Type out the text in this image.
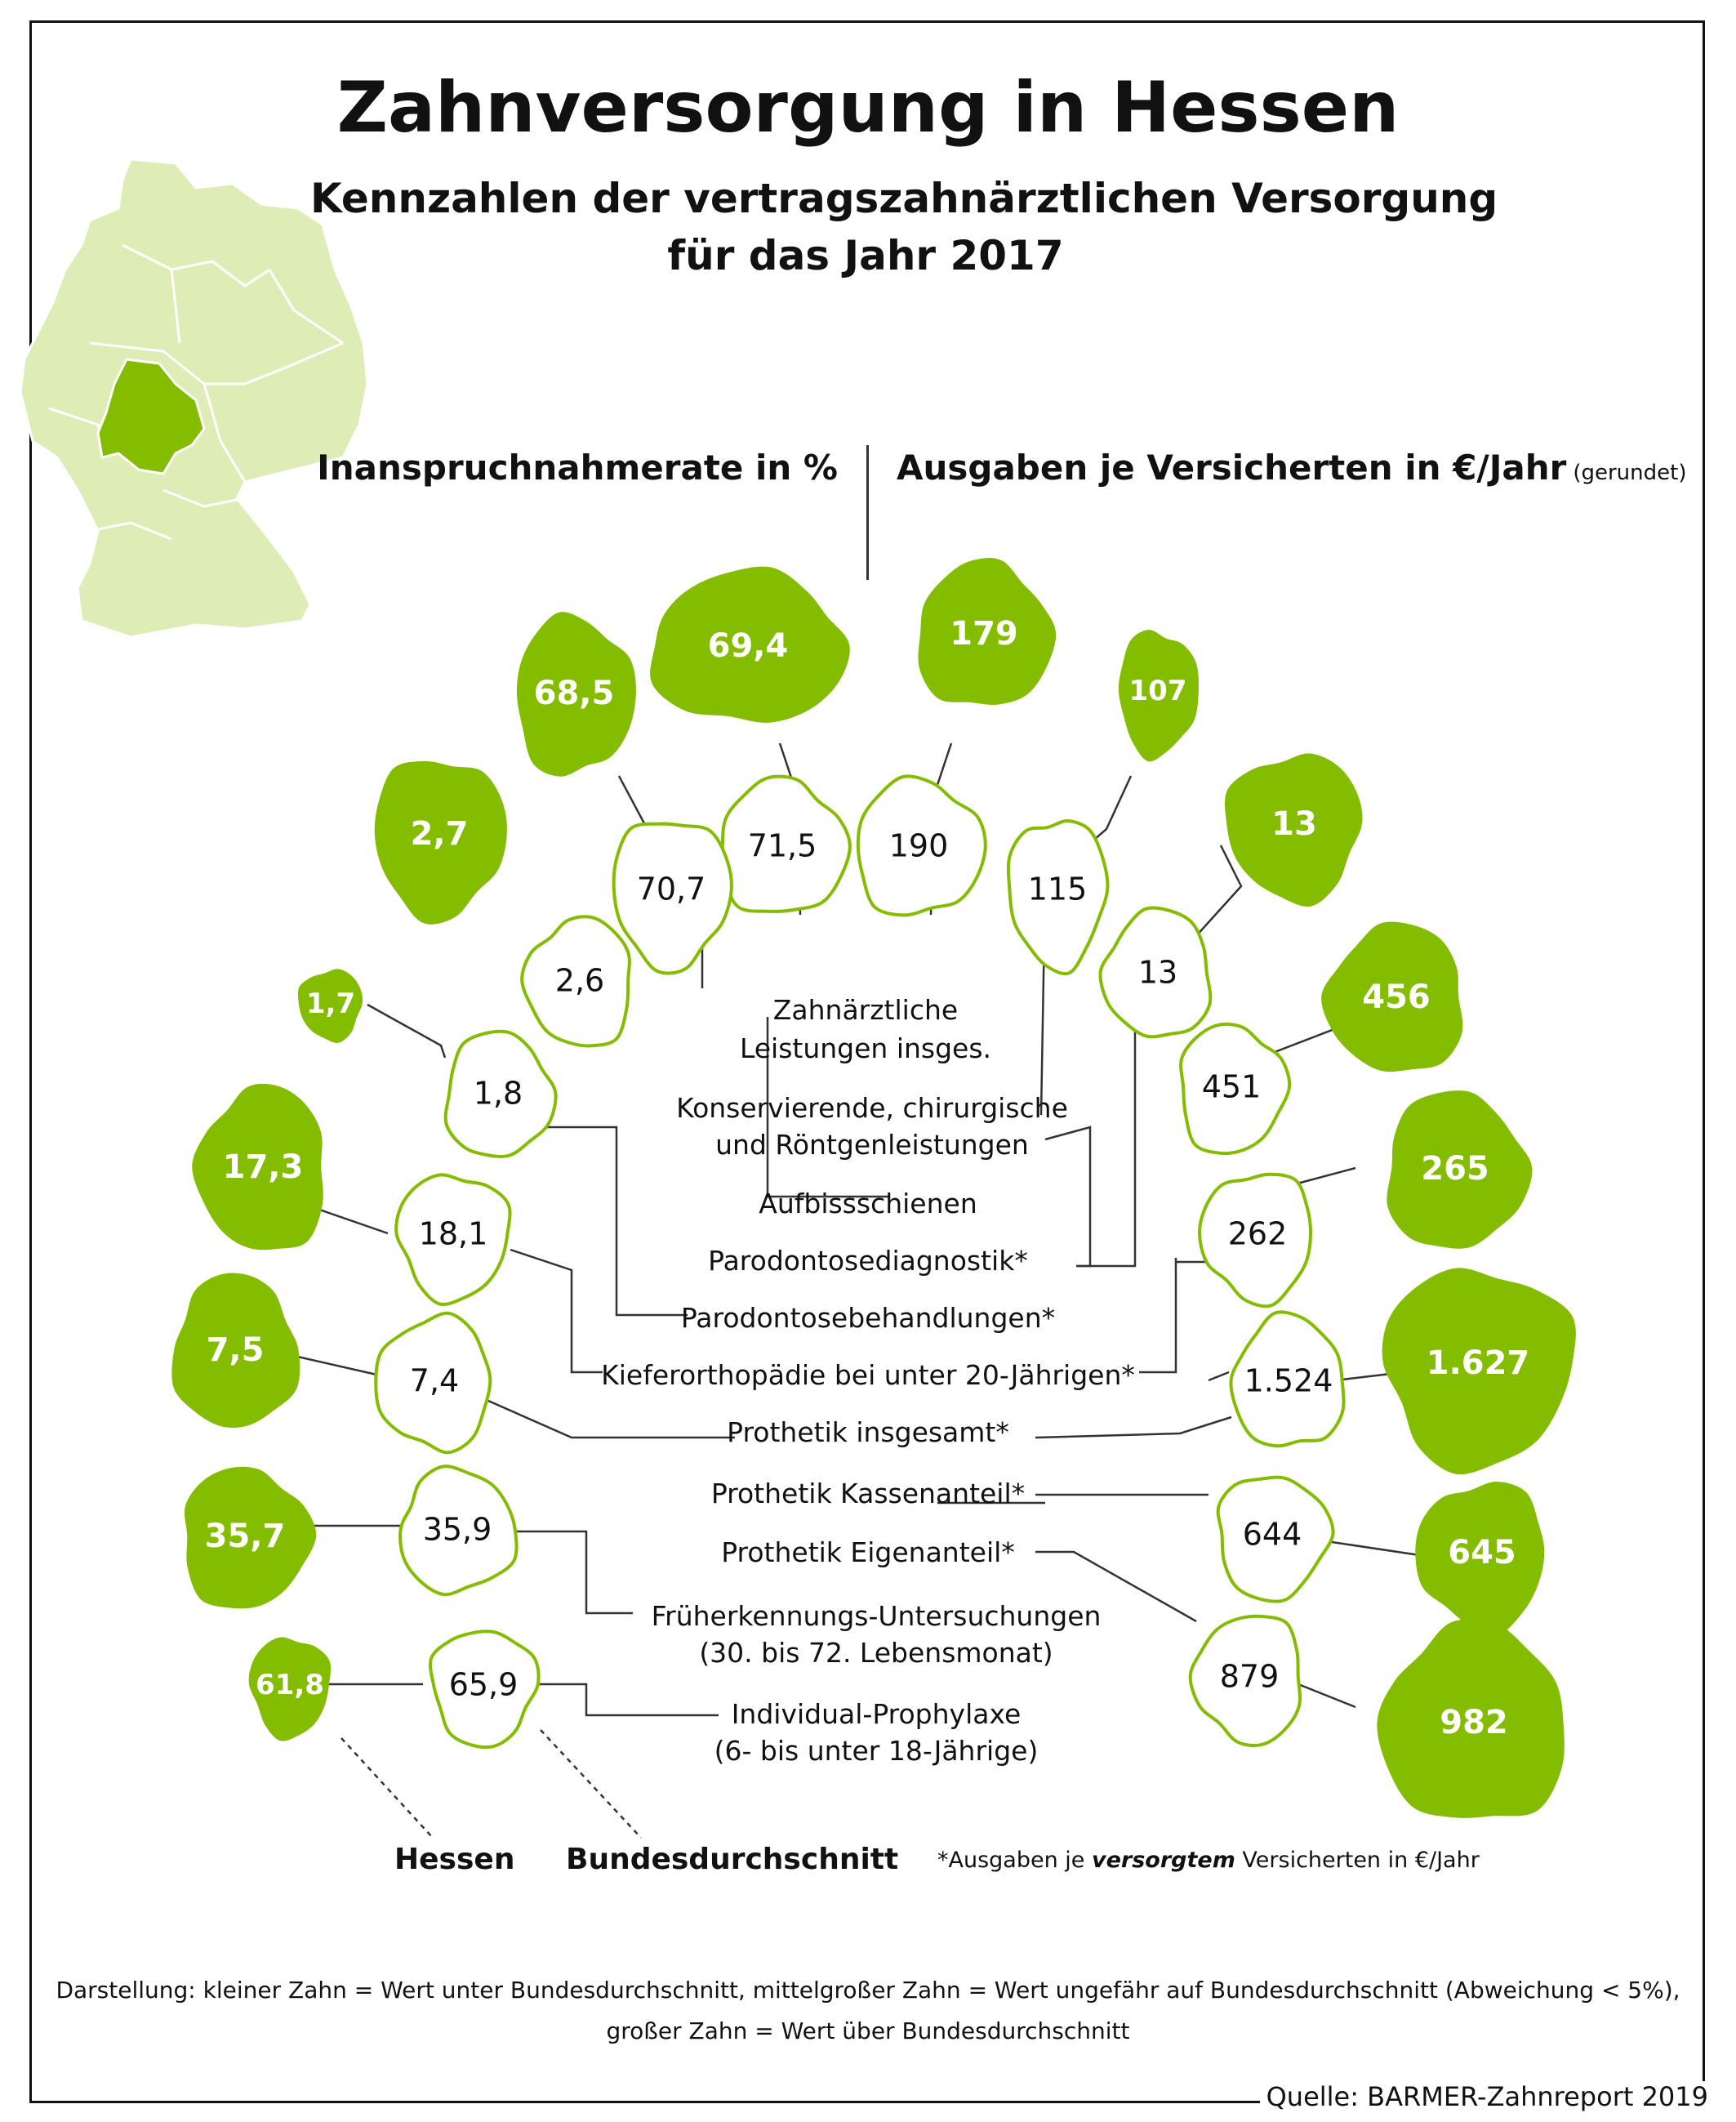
69,4
71,5
68,5
70,7
2,7
2,6
1,7
1,8
17,3
18,1
7,5
7,4
35,7	35,9
61,8	65,9
179
190
107
115
13
13
456
451
265
262
1.627
1.524
645
644
982
879
Zahnärztliche
Leistungen insges.
Konservierende, chirurgische
und Röntgenleistungen
Aufbissschienen
Parodontosediagnostik*
Parodontosebehandlungen*
Kieferorthopädie bei unter 20-Jährigen*
Prothetik insgesamt*
Prothetik Kassenanteil*
Prothetik Eigenanteil*
Früherkennungs-Untersuchungen
(30. bis 72. Lebensmonat)
Individual-Prophylaxe
(6- bis unter 18-Jährige)
Zahnversorgung in Hessen
Kennzahlen der vertragszahnärztlichen Versorgung
für das Jahr 2017
Inanspruchnahmerate in % Ausgaben je Versicherten in €/Jahr (gerundet)
Hessen Bundesdurchschnitt *Ausgaben je versorgtem Versicherten in €/Jahr
Darstellung: kleiner Zahn = Wert unter Bundesdurchschnitt, mittelgroßer Zahn = Wert ungefähr auf Bundesdurchschnitt (Abweichung < 5%),
großer Zahn = Wert über Bundesdurchschnitt
Quelle: BARMER-Zahnreport 2019
